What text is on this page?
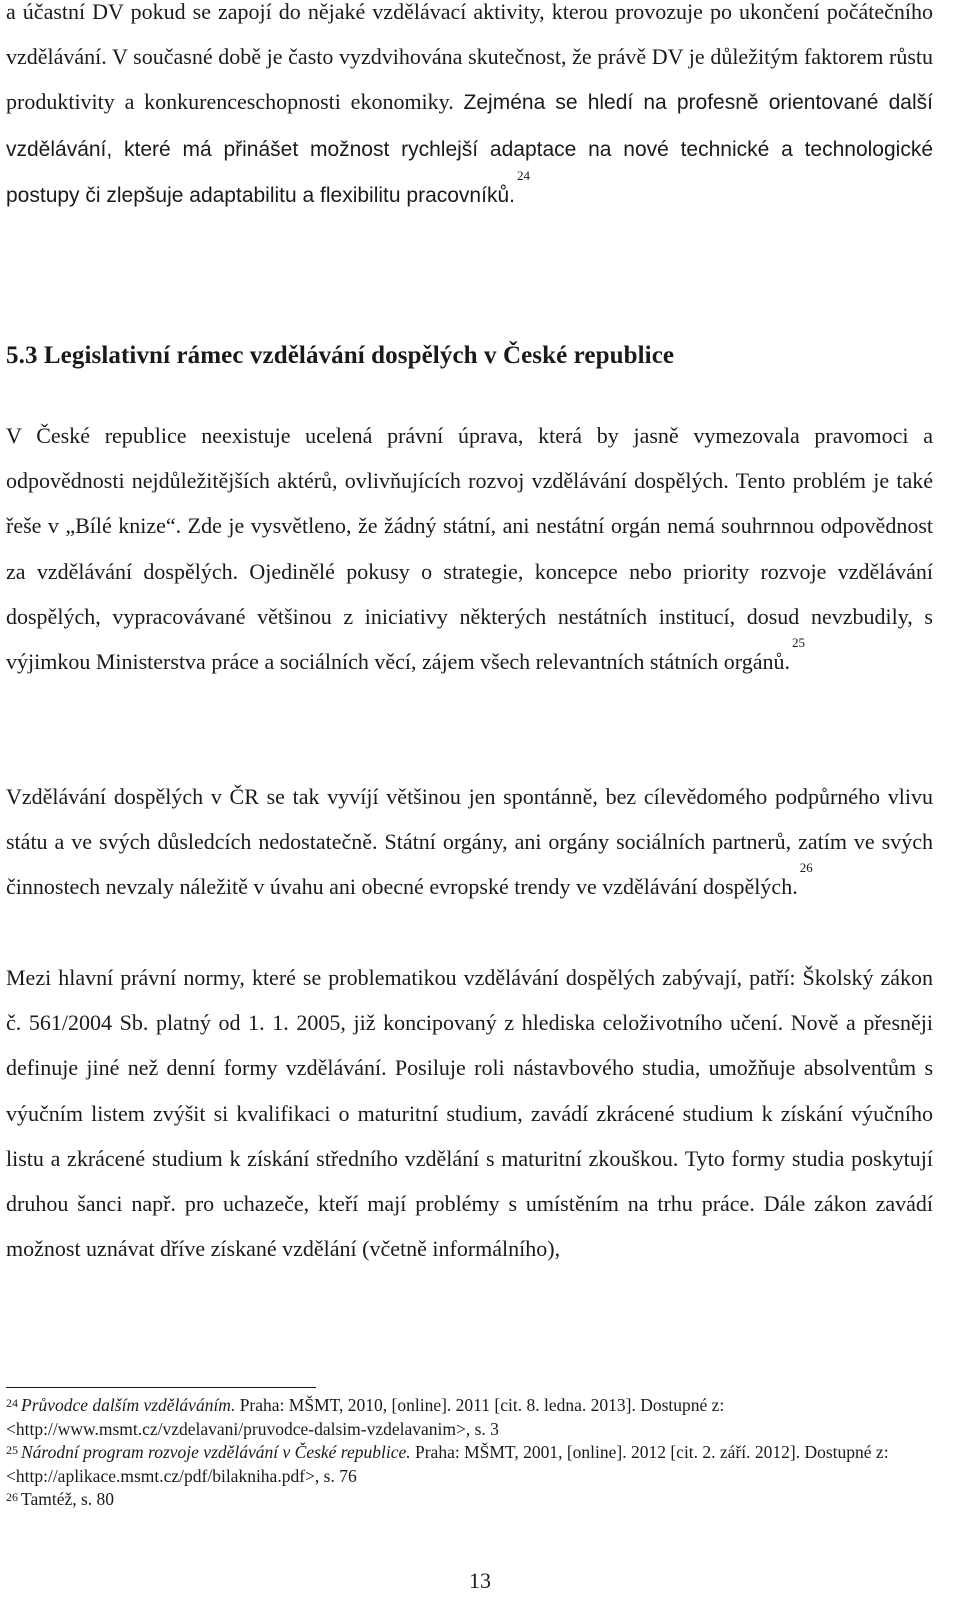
a účastní DV pokud se zapojí do nějaké vzdělávací aktivity, kterou provozuje po ukončení počátečního vzdělávání. V současné době je často vyzdvihována skutečnost, že právě DV je důležitým faktorem růstu produktivity a konkurenceschopnosti ekonomiky. Zejména se hledí na profesně orientované další vzdělávání, které má přinášet možnost rychlejší adaptace na nové technické a technologické postupy či zlepšuje adaptabilitu a flexibilitu pracovníků.$^{24}$

5.3 Legislativní rámec vzdělávání dospělých v České republice

V České republice neexistuje ucelená právní úprava, která by jasně vymezovala pravomoci a odpovědnosti nejdůležitějších aktérů, ovlivňujících rozvoj vzdělávání dospělých. Tento problém je také řeše v „Bílé knize“. Zde je vysvětleno, že žádný státní, ani nestátní orgán nemá souhrnnou odpovědnost za vzdělávání dospělých. Ojedinělé pokusy o strategie, koncepce nebo priority rozvoje vzdělávání dospělých, vypracovávané většinou z iniciativy některých nestátních institucí, dosud nevzbudily, s výjimkou Ministerstva práce a sociálních věcí, zájem všech relevantních státních orgánů.$^{25}$

Vzdělávání dospělých v ČR se tak vyvíjí většinou jen spontánně, bez cílevědomého podpůrného vlivu státu a ve svých důsledcích nedostatečně. Státní orgány, ani orgány sociálních partnerů, zatím ve svých činnostech nevzaly náležitě v úvahu ani obecné evropské trendy ve vzdělávání dospělých.$^{26}$

Mezi hlavní právní normy, které se problematikou vzdělávání dospělých zabývají, patří: Školský zákon č. 561/2004 Sb. platný od 1. 1. 2005, již koncipovaný z hlediska celoživotního učení. Nově a přesněji definuje jiné než denní formy vzdělávání. Posiluje roli nástavbového studia, umožňuje absolventům s výučním listem zvýšit si kvalifikaci o maturitní studium, zavádí zkrácené studium k získání výučního listu a zkrácené studium k získání středního vzdělání s maturitní zkouškou. Tyto formy studia poskytují druhou šanci např. pro uchazeče, kteří mají problémy s umístěním na trhu práce. Dále zákon zavádí možnost uznávat dříve získané vzdělání (včetně informálního),

$^{24}$ Průvodce dalším vzděláváním. Praha: MŠMT, 2010, [online]. 2011 [cit. 8. ledna. 2013]. Dostupné z: <http://www.msmt.cz/vzdelavani/pruvodce-dalsim-vzdelavanim>, s. 3

$^{25}$ Národní program rozvoje vzdělávání v České republice. Praha: MŠMT, 2001, [online]. 2012 [cit. 2. září. 2012]. Dostupné z: <http://aplikace.msmt.cz/pdf/bilakniha.pdf>, s. 76

$^{26}$ Tamtéž, s. 80

13
